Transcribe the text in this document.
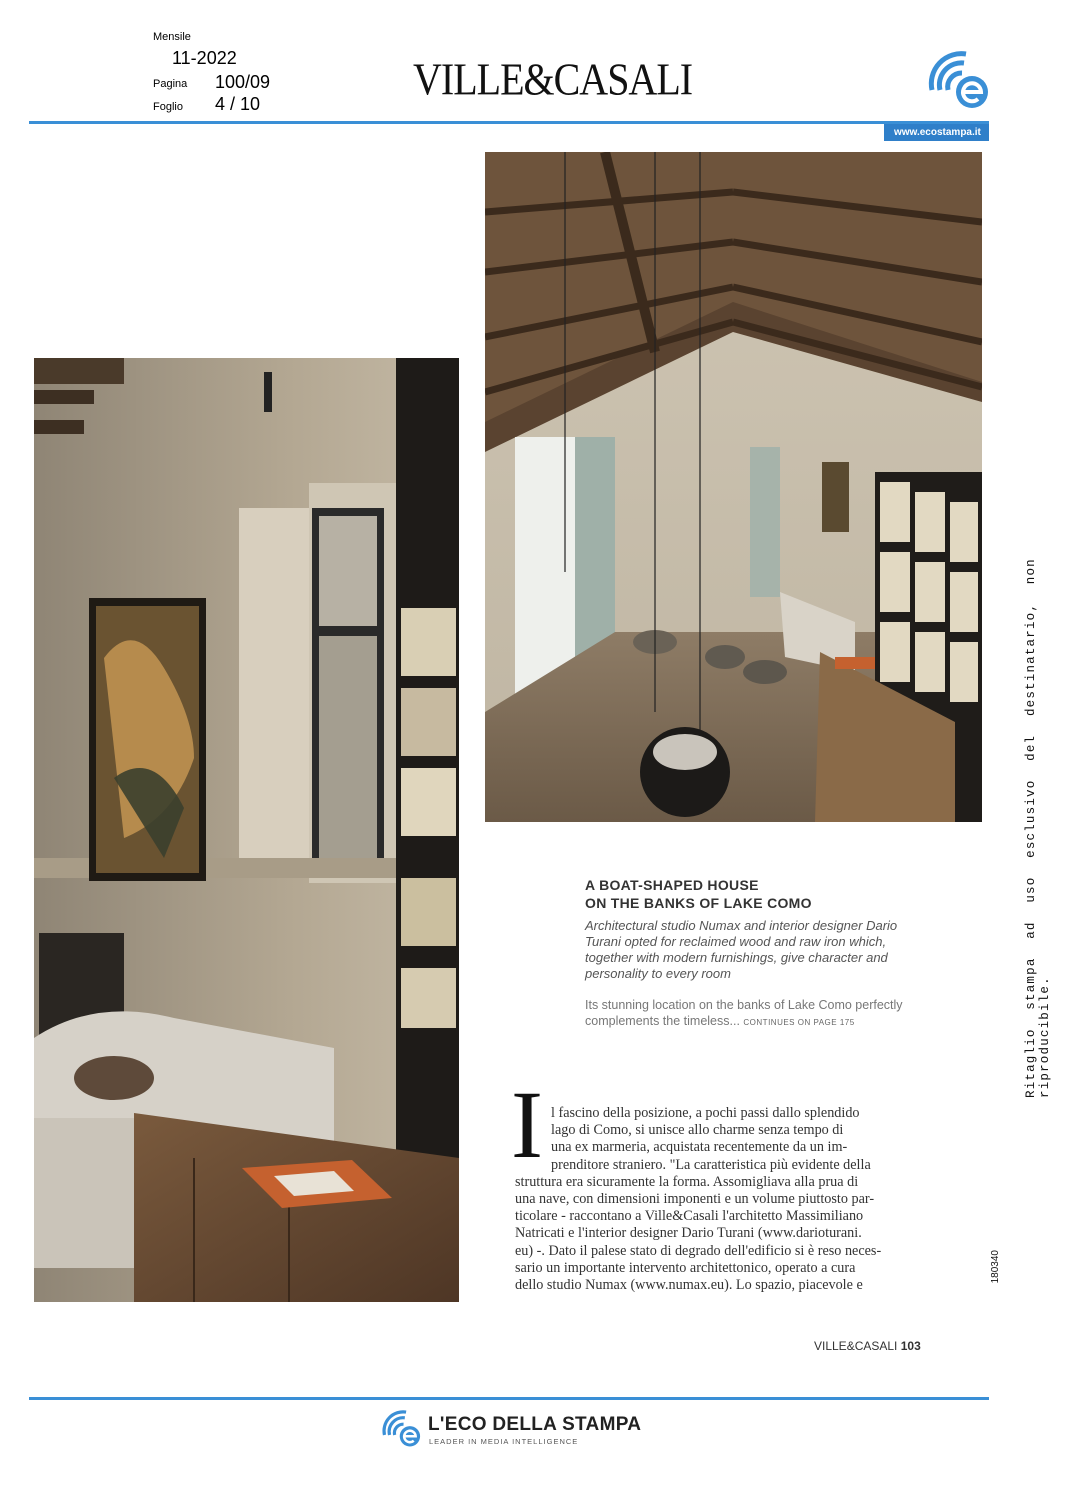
Mensile
11-2022
Pagina 100/09
Foglio 4 / 10	VILLE&CASALI
www.ecostampa.it
A BOAT-SHAPED HOUSE
ON THE BANKS OF LAKE COMO
Architectural studio Numax and interior designer Dario Turani opted for reclaimed wood and raw iron which, together with modern furnishings, give character and personality to every room
Its stunning location on the banks of Lake Como perfectly complements the timeless... CONTINUES ON PAGE 175
I l fascino della posizione, a pochi passi dallo splendido
lago di Como, si unisce allo charme senza tempo di
una ex marmeria, acquistata recentemente da un im-
prenditore straniero. "La caratteristica più evidente della
struttura era sicuramente la forma. Assomigliava alla prua di
una nave, con dimensioni imponenti e un volume piuttosto par-
ticolare - raccontano a Ville&Casali l'architetto Massimiliano
Natricati e l'interior designer Dario Turani (www.darioturani.
eu) -. Dato il palese stato di degrado dell'edificio si è reso neces-
sario un importante intervento architettonico, operato a cura
dello studio Numax (www.numax.eu). Lo spazio, piacevole e
Ritaglio stampa ad uso esclusivo del destinatario, non riproducibile.
180340
VILLE&CASALI 103
L'ECO DELLA STAMPA
LEADER IN MEDIA INTELLIGENCE
